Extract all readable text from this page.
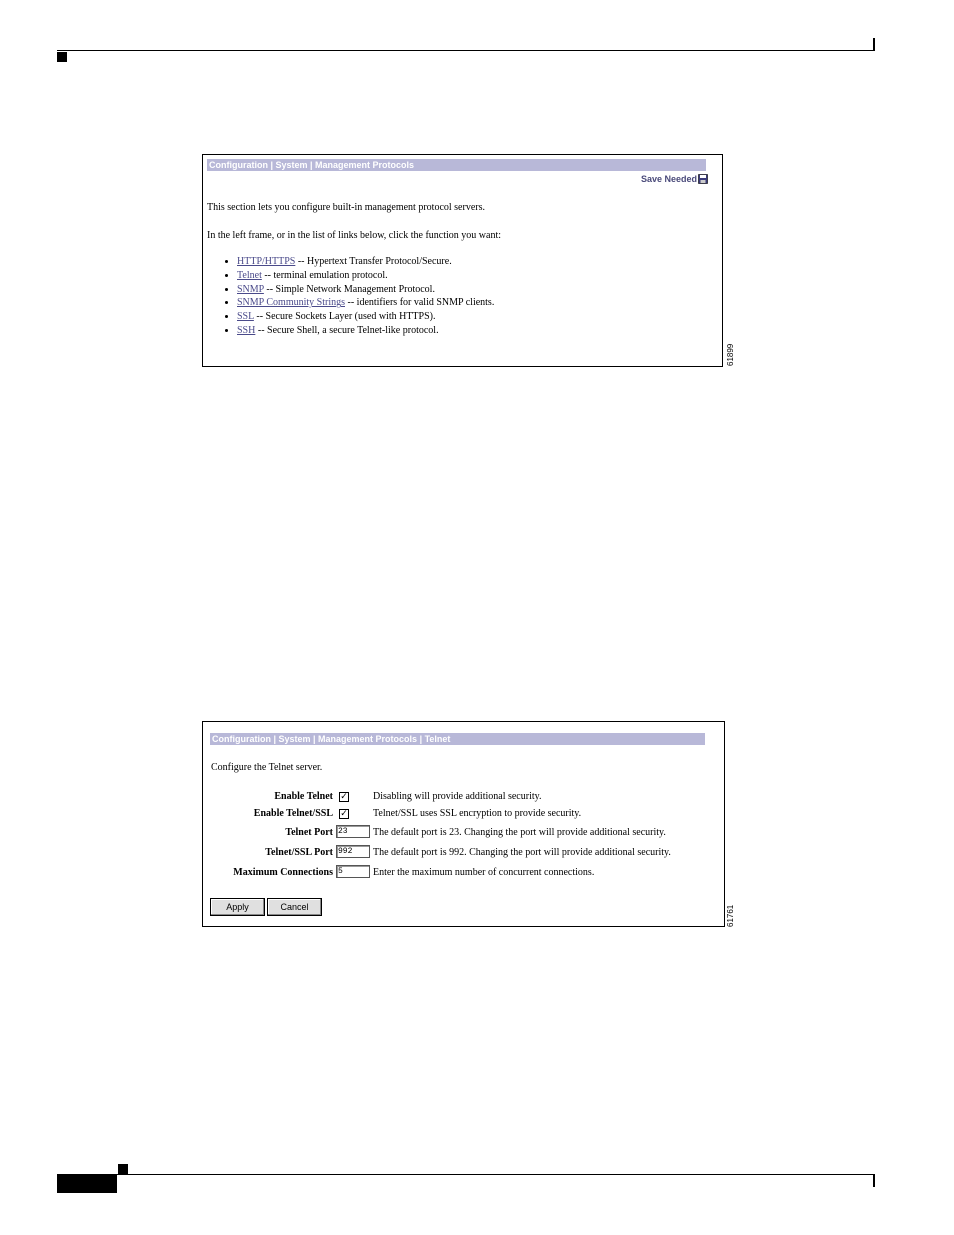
Configuration | System | Management Protocols
Save Needed
This section lets you configure built-in management protocol servers.
In the left frame, or in the list of links below, click the function you want:
• HTTP/HTTPS -- Hypertext Transfer Protocol/Secure.
• Telnet -- terminal emulation protocol.
• SNMP -- Simple Network Management Protocol.
• SNMP Community Strings -- identifiers for valid SNMP clients.
• SSL -- Secure Sockets Layer (used with HTTPS).
• SSH -- Secure Shell, a secure Telnet-like protocol.
61899
Configuration | System | Management Protocols | Telnet
Configure the Telnet server.
Enable Telnet ✓	Disabling will provide additional security.
Enable Telnet/SSL ✓	Telnet/SSL uses SSL encryption to provide security.
Telnet Port 23	The default port is 23. Changing the port will provide additional security.
Telnet/SSL Port 992	The default port is 992. Changing the port will provide additional security.
Maximum Connections 5	Enter the maximum number of concurrent connections.
Apply	Cancel	61761
